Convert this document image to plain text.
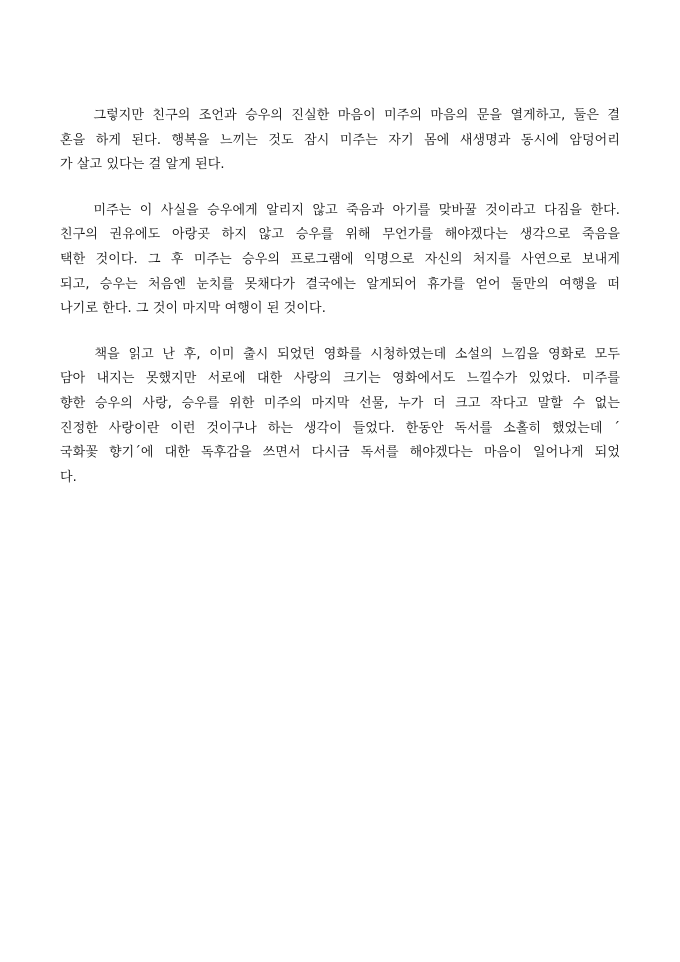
그렇지만 친구의 조언과 승우의 진실한 마음이 미주의 마음의 문을 열게하고, 둘은 결
혼을 하게 된다. 행복을 느끼는 것도 잠시 미주는 자기 몸에 새생명과 동시에 암덩어리
가 살고 있다는 걸 알게 된다.
미주는 이 사실을 승우에게 알리지 않고 죽음과 아기를 맞바꿀 것이라고 다짐을 한다.
친구의 권유에도 아랑곳 하지 않고 승우를 위해 무언가를 해야겠다는 생각으로 죽음을
택한 것이다. 그 후 미주는 승우의 프로그램에 익명으로 자신의 처지를 사연으로 보내게
되고, 승우는 처음엔 눈치를 못채다가 결국에는 알게되어 휴가를 얻어 둘만의 여행을 떠
나기로 한다. 그 것이 마지막 여행이 된 것이다.
책을 읽고 난 후, 이미 출시 되었던 영화를 시청하였는데 소설의 느낌을 영화로 모두
담아 내지는 못했지만 서로에 대한 사랑의 크기는 영화에서도 느낄수가 있었다. 미주를
향한 승우의 사랑, 승우를 위한 미주의 마지막 선물, 누가 더 크고 작다고 말할 수 없는
진정한 사랑이란 이런 것이구나 하는 생각이 들었다. 한동안 독서를 소홀히 했었는데 ´
국화꽃 향기´에 대한 독후감을 쓰면서 다시금 독서를 해야겠다는 마음이 일어나게 되었
다.
